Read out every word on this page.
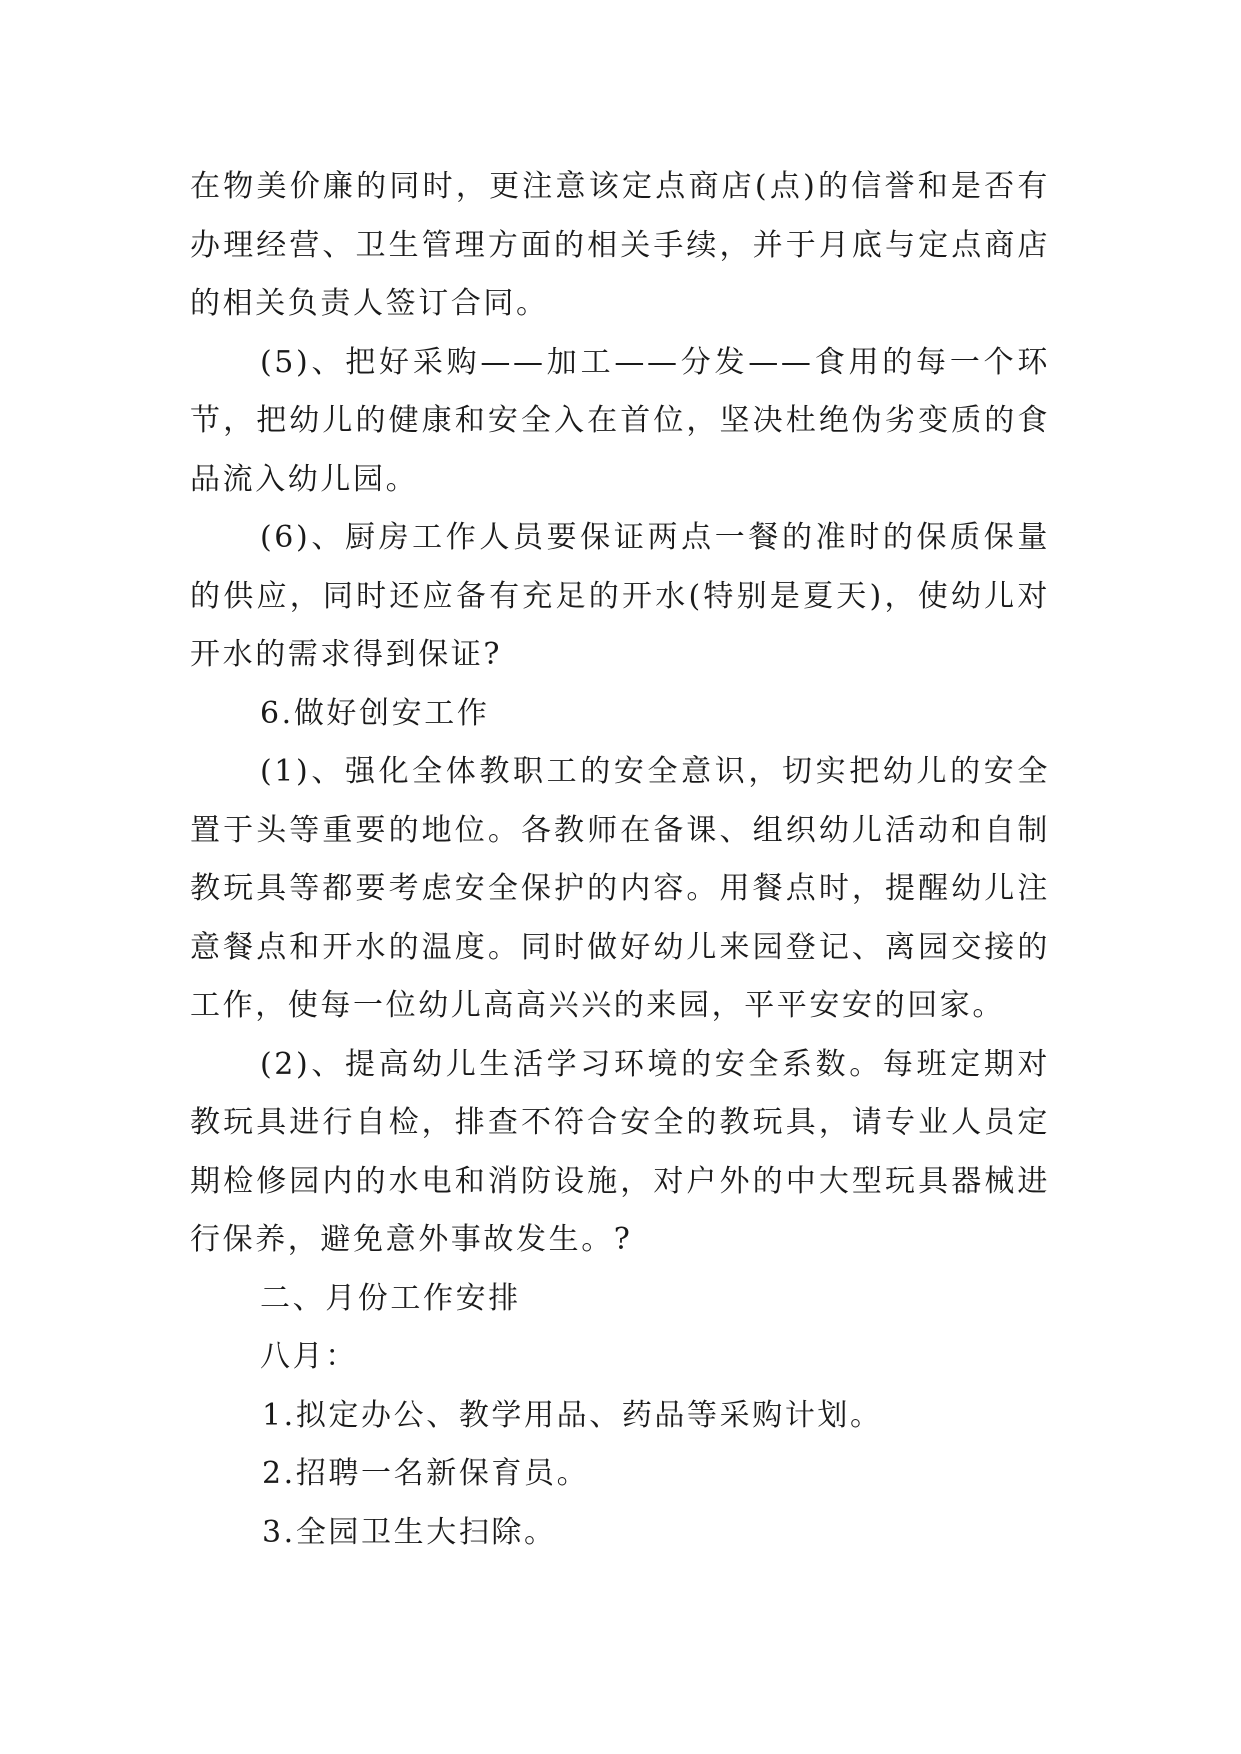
在物美价廉的同时，更注意该定点商店(点)的信誉和是否有办理经营、卫生管理方面的相关手续，并于月底与定点商店的相关负责人签订合同。

(5)、把好采购——加工——分发——食用的每一个环节，把幼儿的健康和安全入在首位，坚决杜绝伪劣变质的食品流入幼儿园。

(6)、厨房工作人员要保证两点一餐的准时的保质保量的供应，同时还应备有充足的开水(特别是夏天)，使幼儿对开水的需求得到保证?

6.做好创安工作

(1)、强化全体教职工的安全意识，切实把幼儿的安全置于头等重要的地位。各教师在备课、组织幼儿活动和自制教玩具等都要考虑安全保护的内容。用餐点时，提醒幼儿注意餐点和开水的温度。同时做好幼儿来园登记、离园交接的工作，使每一位幼儿高高兴兴的来园，平平安安的回家。

(2)、提高幼儿生活学习环境的安全系数。每班定期对教玩具进行自检，排查不符合安全的教玩具，请专业人员定期检修园内的水电和消防设施，对户外的中大型玩具器械进行保养，避免意外事故发生。?

二、月份工作安排

八月：

1.拟定办公、教学用品、药品等采购计划。

2.招聘一名新保育员。

3.全园卫生大扫除。
